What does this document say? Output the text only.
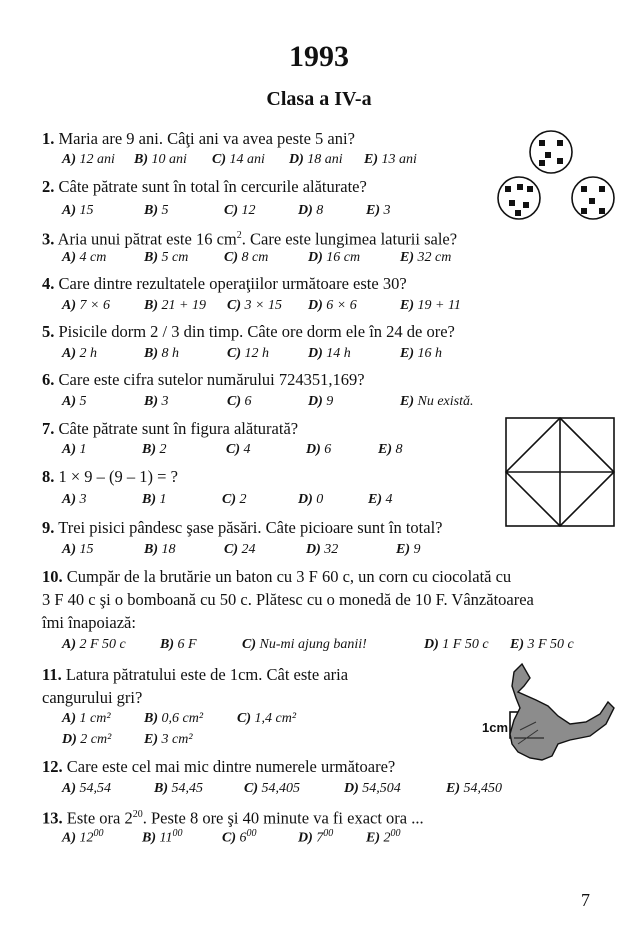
1993
Clasa a IV-a
1. Maria are 9 ani. Câţi ani va avea peste 5 ani?
A) 12 ani B) 10 ani C) 14 ani D) 18 ani E) 13 ani
2. Câte pătrate sunt în total în cercurile alăturate?
A) 15	B) 5	C) 12	D) 8	E) 3
3. Aria unui pătrat este 16 $cm^2$. Care este lungimea laturii sale?
A) 4 cm	B) 5 cm	C) 8 cm	D) 16 cm	E) 32 cm
4. Care dintre rezultatele operaţiilor următoare este 30?
A) 7 × 6 B) 21 + 19 C) 3 × 15 D) 6 × 6	E) 19 + 11
5. Pisicile dorm 2 / 3 din timp. Câte ore dorm ele în 24 de ore?
A) 2 h	B) 8 h	C) 12 h	D) 14 h	E) 16 h
6. Care este cifra sutelor numărului 724351,169?
A) 5	B) 3	C) 6	D) 9	E) Nu există.
7. Câte pătrate sunt în figura alăturată?
A) 1	B) 2	C) 4	D) 6	E) 8
8. 1 × 9 – (9 – 1) = ?
A) 3	B) 1	C) 2	D) 0	E) 4
9. Trei pisici pândesc şase păsări. Câte picioare sunt în total?
A) 15	B) 18	C) 24	D) 32	E) 9
10. Cumpăr de la brutărie un baton cu 3 F 60 c, un corn cu ciocolată cu
3 F 40 c şi o bomboană cu 50 c. Plătesc cu o monedă de 10 F. Vânzătoarea
îmi înapoiază:
A) 2 F 50 c B) 6 F	C) Nu-mi ajung banii!	D) 1 F 50 c E) 3 F 50 c
11. Latura pătratului este de 1cm. Cât este aria
cangurului gri?
A) 1 cm² B) 0,6 cm² C) 1,4 cm²
D) 2 cm² E) 3 cm²
1cm
12. Care este cel mai mic dintre numerele următoare?
A) 54,54	B) 54,45	C) 54,405	D) 54,504	E) 54,450
13. Este ora $2^{20}$. Peste 8 ore şi 40 minute va fi exact ora ...
A) $12^{00}$	B) $11^{00}$	C) $6^{00}$	D) $7^{00}$ E) $2^{00}$
7
